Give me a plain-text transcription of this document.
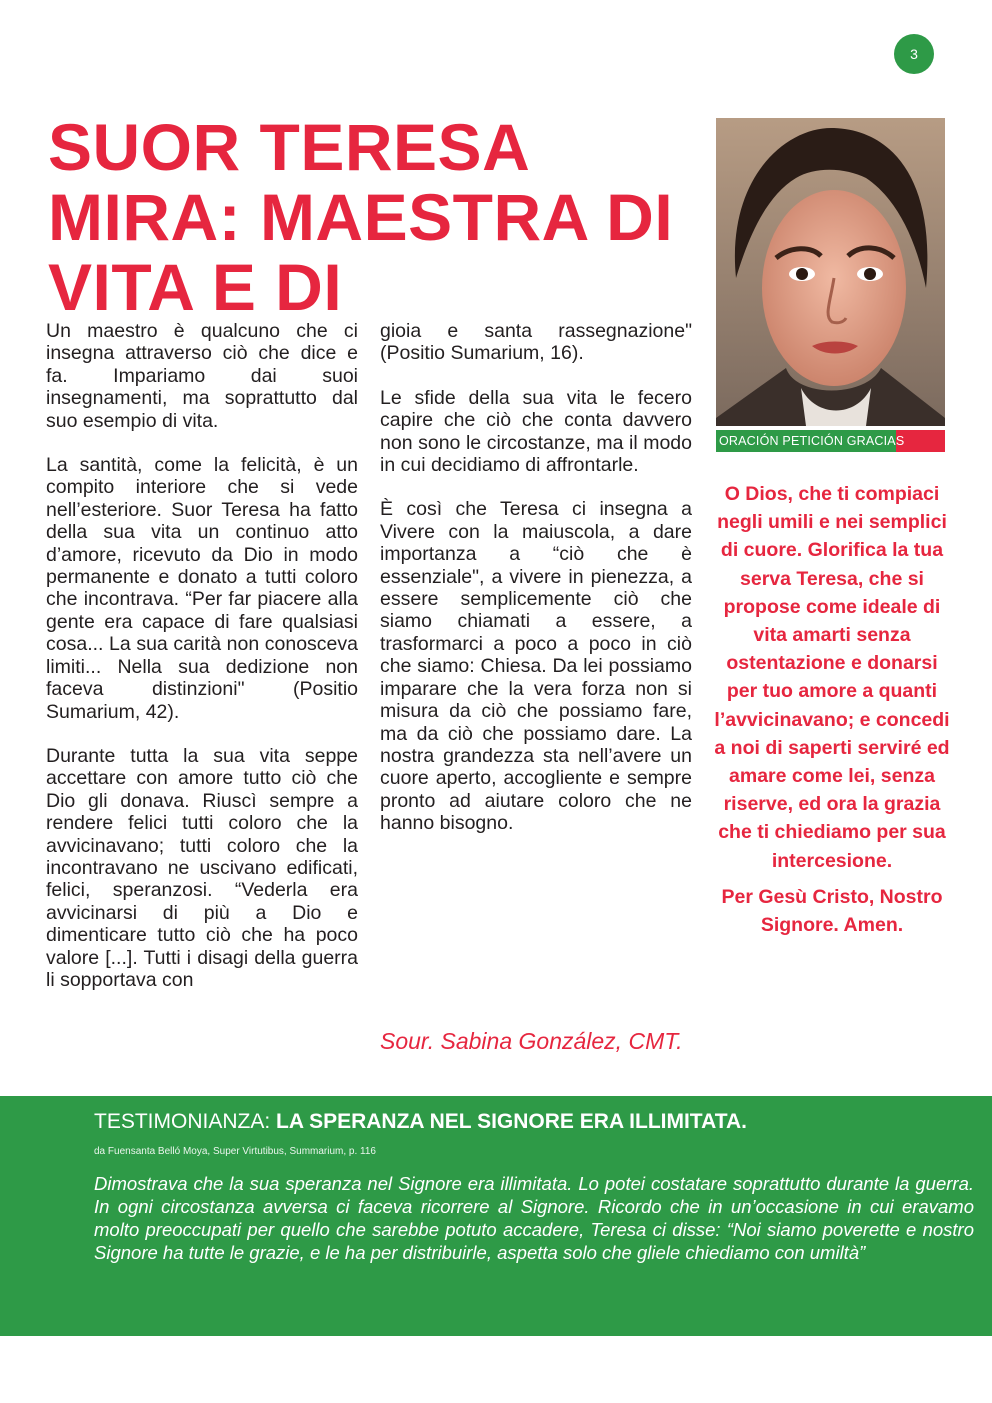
3
SUOR TERESA MIRA: MAESTRA DI VITA E DI

Un maestro è qualcuno che ci insegna attraverso ciò che dice e fa. Impariamo dai suoi insegnamenti, ma soprattutto dal suo esempio di vita.

La santità, come la felicità, è un compito interiore che si vede nell’esteriore. Suor Teresa ha fatto della sua vita un continuo atto d’amore, ricevuto da Dio in modo permanente e donato a tutti coloro che incontrava. “Per far piacere alla gente era capace di fare qualsiasi cosa... La sua carità non conosceva limiti... Nella sua dedizione non faceva distinzioni" (Positio Sumarium, 42).

Durante tutta la sua vita seppe accettare con amore tutto ciò che Dio gli donava. Riuscì sempre a rendere felici tutti coloro che la avvicinavano; tutti coloro che la incontravano ne uscivano edificati, felici, speranzosi. “Vederla era avvicinarsi di più a Dio e dimenticare tutto ciò che ha poco valore [...]. Tutti i disagi della guerra li sopportava con

gioia e santa rassegnazione" (Positio Sumarium, 16).

Le sfide della sua vita le fecero capire che ciò che conta davvero non sono le circostanze, ma il modo in cui decidiamo di affrontarle.

È così che Teresa ci insegna a Vivere con la maiuscola, a dare importanza a “ciò che è essenziale", a vivere in pienezza, a essere semplicemente ciò che siamo chiamati a essere, a trasformarci a poco a poco in ciò che siamo: Chiesa. Da lei possiamo imparare che la vera forza non si misura da ciò che possiamo fare, ma da ciò che possiamo dare. La nostra grandezza sta nell’avere un cuore aperto, accogliente e sempre pronto ad aiutare coloro che ne hanno bisogno.

Sour. Sabina González, CMT.
ORACIÓN PETICIÓN GRACIAS

O Dios, che ti compiaci negli umili e nei semplici di cuore. Glorifica la tua serva Teresa, che si propose come ideale di vita amarti senza ostentazione e donarsi per tuo amore a quanti l’avvicinavano; e concedi a noi di saperti serviré ed amare come lei, senza riserve, ed ora la grazia che ti chiediamo per sua intercesione.

Per Gesù Cristo, Nostro Signore. Amen.

TESTIMONIANZA: LA SPERANZA NEL SIGNORE ERA ILLIMITATA.
da Fuensanta Belló Moya, Super Virtutibus, Summarium, p. 116
Dimostrava che la sua speranza nel Signore era illimitata. Lo potei costatare soprattutto durante la guerra. In ogni circostanza avversa ci faceva ricorrere al Signore. Ricordo che in un’occasione in cui eravamo molto preoccupati per quello che sarebbe potuto accadere, Teresa ci disse: “Noi siamo poverette e nostro Signore ha tutte le grazie, e le ha per distribuirle, aspetta solo che gliele chiediamo con umiltà”
